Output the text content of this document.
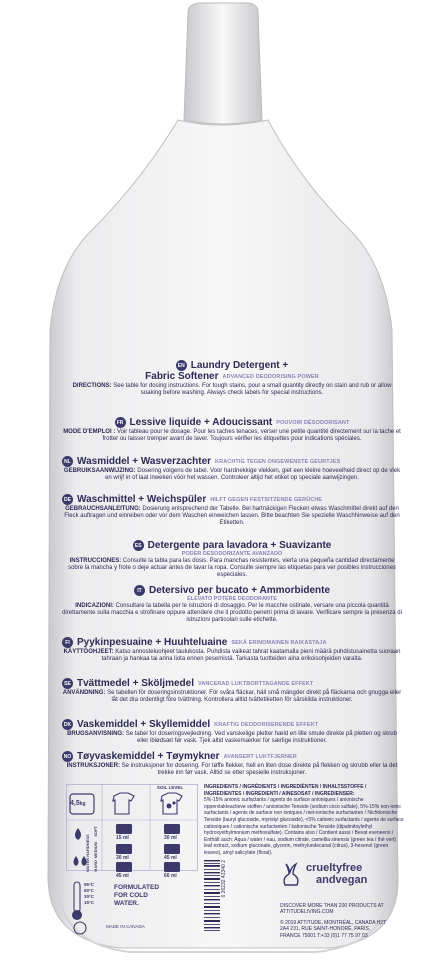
EN Laundry Detergent +
Fabric Softener ADVANCED DEODORISING POWER
DIRECTIONS: See table for dosing instructions. For tough stains, pour a small quantity directly on stain and rub or allow soaking before washing. Always check labels for special instructions.
FR Lessive liquide + Adoucissant POUVOIR DÉSODORISANT
MODE D'EMPLOI : Voir tableau pour le dosage. Pour les taches tenaces, verser une petite quantité directement sur la tache et frotter ou laisser tremper avant de laver. Toujours vérifier les étiquettes pour indications spéciales.
NL Wasmiddel + Wasverzachter KRACHTIG TEGEN ONGEWENSTE GEURTJES
GEBRUIKSAANWIJZING: Dosering volgens de tabel. Voor hardnekkige vlekken, giet een kleine hoeveelheid direct op de vlek en wrijf in of laat inweken vóór het wassen. Controleer altijd het etiket op speciale aanwijzingen.
DE Waschmittel + Weichspüler HILFT GEGEN FESTSITZENDE GERÜCHE
GEBRAUCHSANLEITUNG: Dosierung entsprechend der Tabelle. Bei hartnäckigen Flecken etwas Waschmittel direkt auf den Fleck auftragen und einreiben oder vor dem Waschen einweichen lassen. Bitte beachten Sie spezielle Waschhinweise auf den Etiketten.
ES Detergente para lavadora + Suavizante
PODER DESODORIZANTE AVANZADO
INSTRUCCIONES: Consulte la tabla para las dosis. Para manchas resistentes, vierta una pequeña cantidad directamente sobre la mancha y frote o deje actuar antes de lavar la ropa. Consulte siempre las etiquetas para ver posibles instrucciones especiales.
IT Detersivo per bucato + Ammorbidente
ELEVATO POTERE DEODORANTE
INDICAZIONI: Consultare la tabella per le istruzioni di dosaggio. Per le macchie ostinate, versare una piccola quantità direttamente sulla macchia e strofinare oppure attendere che il prodotto penetri prima di lavare. Verificare sempre la presenza di istruzioni particolari sulle etichette.
FI Pyykinpesuaine + Huuhteluaine SEKÄ ERINOMAINEN RAIKASTAJA
KÄYTTÖOHJEET: Katso annosteluohjeet taulukosta. Puhdista vaikeat tahrat kaatamalla pieni määrä puhdistusainetta suoraan tahraan ja hankaa tai anna liota ennen pesemistä. Tarkasta tuotteiden aina erikoisohjeiden varalta.
SE Tvättmedel + Sköljmedel VANCERAD LUKTBORTTAGANDE EFFEKT
ANVÄNDNING: Se tabellen för doseringsinstruktioner. För svåra fläckar, häll små mängder direkt på fläckarna och gnugga eller låt det dra ordentligt före tvättning. Kontrollera alltid tvättetiketten för särskilda instruktioner.
DK Vaskemiddel + Skyllemiddel KRAFTIG DEODORISERENDE EFFEKT
BRUGSANVISNING: Se tabel for doseringsvejledning. Ved vanskelige pletter hæld en lille smule direkte på pletten og skrub eller iblødsæt før vask. Tjek altid vaskemærker for særlige instruktioner.
NO Tøyvaskemiddel + Tøymykner AVANSERT LUKTFJERNER
INSTRUKSJONER: Se instruksjoner for dosering. For tøffe flekker, hell en liten dose direkte på flekken og skrubb eller la det trekke inn før vask. Alltid se etter spesielle instruksjoner.
SOIL LEVEL
4,5kg
WATER HARDNESS
SOFT
MEDIUM
HARD
15 ml	30 ml
30 ml	45 ml
45 ml	60 ml
95°C
60°C
30°C
15°C
FORMULATED FOR COLD WATER.
MADE IN CANADA
INGREDIENTS / INGRÉDIENTS / INGREDIËNTEN / INHALTSSTOFFE / INGREDIENTES / INGREDIENTI / AINESOSAT / INGREDIENSER:
5%-15% anionic surfactants / agents de surface anioniques / anionische oppervlakteactieve stoffen / anionische Tenside (sodium coco sulfate), 5%-15% non-ionic surfactants / agents de surface non ioniques / niet-ionische surfactanten / Nichtionische Tenside (lauryl glucoside, myristyl glucoside), <5% cationic surfactants / agents de surface cationiques / cationische surfactanten / kationische Tenside (dipalmitoylethyl hydroxyethylmonium methosulfate). Contains also / Contient aussi / Bevat eveneens / Enthält auch: Aqua / water / eau, sodium citrate, camellia sinensis (green tea / thé vert) leaf extract, sodium gluconate, glycerin, methylundecanal (citrus), 3-hexenol (green leaves), amyl salicylate (floral).
6 26232 42340 2	crueltyfree
andvegan
DISCOVER MORE THAN 200 PRODUCTS AT ATTITUDELIVING.COM
© 2019 ATTITUDE, MONTRÉAL, CANADA H2T 2A4 231, RUE SAINT-HONORÉ, PARIS, FRANCE 75001 T:+33 (0)1 77 75 97 03
